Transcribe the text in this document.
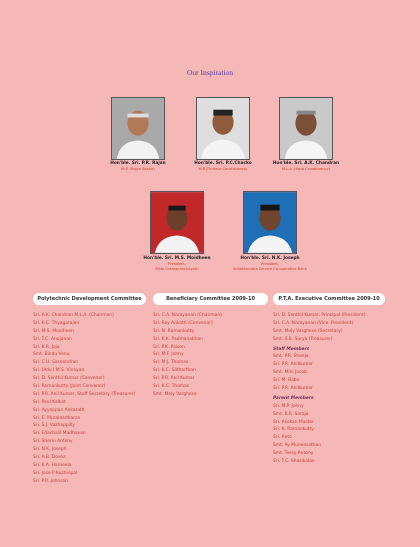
Our Inspiration
Hon'ble. Sri. P.R. Rajan
M.P. (Rajya Sabha)
Hon'ble. Sri. P.C.Chacko
M.P.(Thrissur Constituency)
Hon'ble. Sri. A.K. Chandran
M.L.A. (Mala Constituency)
Hon'ble. Sri. M.S. Moidheen
President,
Mala Gramapanchayath
Hon'ble. Sri. N.K. Joseph
President,
Kollakkumbra Service Co-operative Bank
Polytechnic Development Committee	Beneficiary Committee 2009-10	P.T.A. Executive Committee 2009-10
Sri. A.K. Chandran M.L.A. (Chairman)
Sri. K.C. Thyagarajan
Sri. M.S. Moidheen
Sri. T.C. Anujanan
Sri. K.R. Jojo
Smt. Bindu Venu
Sri. C.U. Saseendran
Sri. (Adv.) M.S. Vinayan
Sri. D. Senthil Kumar (Convenor)
Sri. Ramankutty (Joint Convenor)
Sri. P.R. Anil Kumar, Staff Secretary (Treasurer)
Sri. Paul Kalkat
Sri. Ayyappan Ankarath
Sri. E. Muraleedharan
Sri. S.J. Vazhappilly
Sri. Edachalil Madhavan
Sri. Sherin Antony
Sri. N.K. Joseph
Sri. A.B. Dovez
Sri. K.A. Harneela
Sri. Jose P Kuzhinpal
Sri. P.R. Johnson
Sri. C.A. Narayanan (Chairman)
Sri. Roy Ankatti (Convenor)
Sri. N. Ramankutty
Sri. K.K. Padmanabhan
Sri. P.K. Paison
Sri. M.F. Johny
Sri. M.J. Thomas
Sri. K.C. Sidharthan
Sri. P.R. Anil Kumar
Sri. K.C. Thomas
Smt. Moly Varghese
Sri. D. Senthil Kumar, Principal (President)
Sri. C.A. Narayanan (Vice. President)
Smt. Moly Varghese (Secretary)
Smt. S.B. Surya (Treasurer)
Staff Members
Smt. P.R. Sheeja
Sri. P.R. Anilkumar
Smt. Mini Jacob
Sri. M. Babu
Sri. P.R. Anilkumar
Parent Members
Sri. M.P. Johny
Smt. K.R. Saraja
Sri. Asokan Master
Sri. K. Ramankutty
Sri. Anto
Smt. Ay Muneesathan
Smt. Tessy Antony
Sri. T.C. Shasikalan
